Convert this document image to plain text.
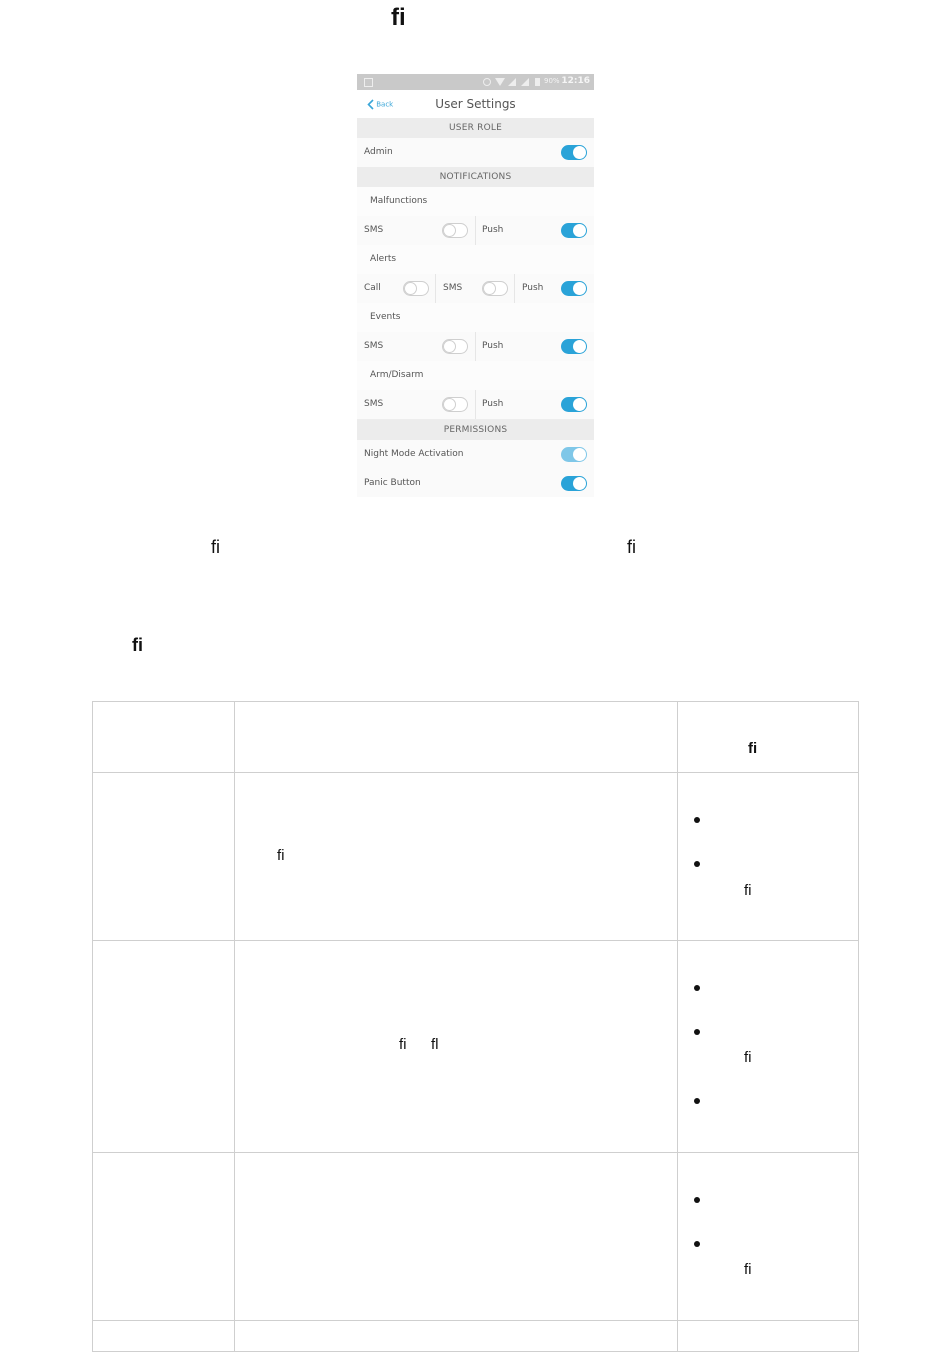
ﬁ
90% 12:16
Back	User Settings
USER ROLE
Admin
NOTIFICATIONS
Malfunctions
SMS	Push
Alerts
Call	SMS	Push
Events
SMS	Push
Arm/Disarm
SMS	Push
PERMISSIONS
Night Mode Activation
Panic Button
ﬁ	ﬁ
ﬁ

		ﬁ

	ﬁ	ﬁ

	ﬁ ﬂ	ﬁ

		ﬁ
